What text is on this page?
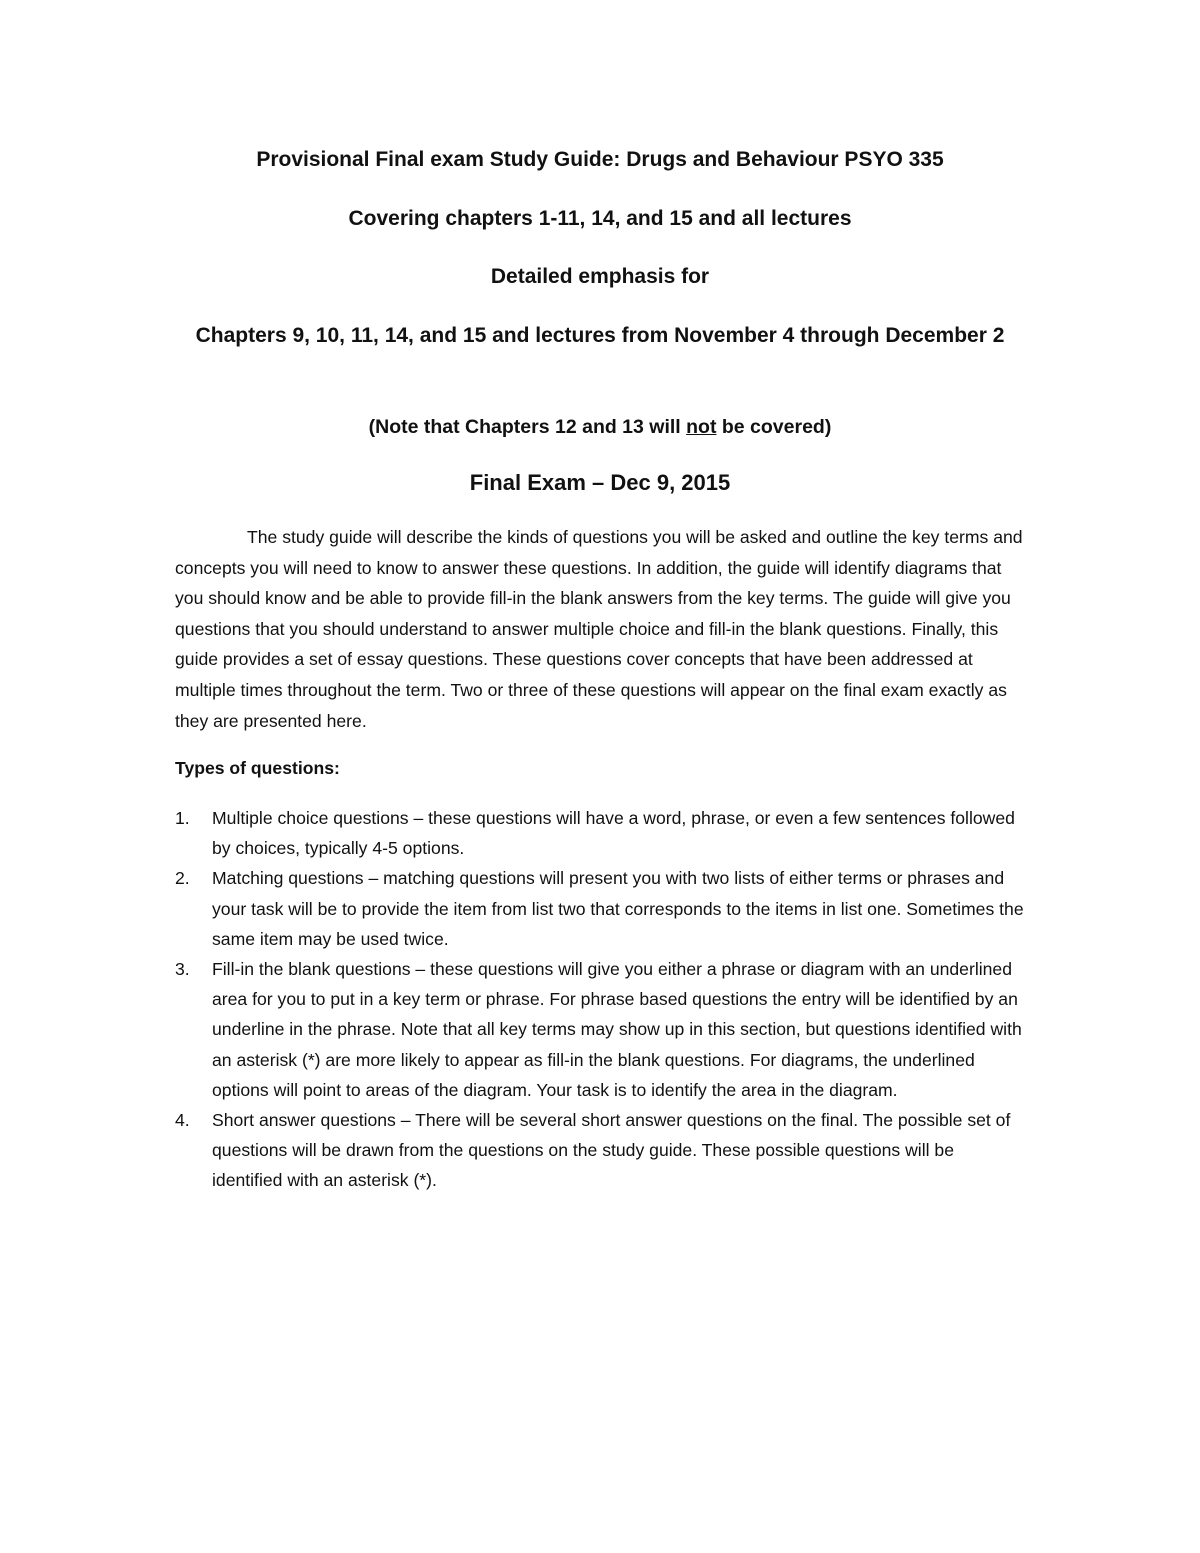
Provisional Final exam Study Guide: Drugs and Behaviour PSYO 335
Covering chapters 1-11, 14, and 15 and all lectures
Detailed emphasis for
Chapters 9, 10, 11, 14, and 15 and lectures from November 4 through December 2
(Note that Chapters 12 and 13 will not be covered)
Final Exam – Dec 9, 2015

The study guide will describe the kinds of questions you will be asked and outline the key terms and concepts you will need to know to answer these questions. In addition, the guide will identify diagrams that you should know and be able to provide fill-in the blank answers from the key terms. The guide will give you questions that you should understand to answer multiple choice and fill-in the blank questions. Finally, this guide provides a set of essay questions. These questions cover concepts that have been addressed at multiple times throughout the term. Two or three of these questions will appear on the final exam exactly as they are presented here.

Types of questions:

1. Multiple choice questions – these questions will have a word, phrase, or even a few sentences followed by choices, typically 4-5 options.
2. Matching questions – matching questions will present you with two lists of either terms or phrases and your task will be to provide the item from list two that corresponds to the items in list one. Sometimes the same item may be used twice.
3. Fill-in the blank questions – these questions will give you either a phrase or diagram with an underlined area for you to put in a key term or phrase. For phrase based questions the entry will be identified by an underline in the phrase. Note that all key terms may show up in this section, but questions identified with an asterisk (*) are more likely to appear as fill-in the blank questions. For diagrams, the underlined options will point to areas of the diagram. Your task is to identify the area in the diagram.
4. Short answer questions – There will be several short answer questions on the final. The possible set of questions will be drawn from the questions on the study guide. These possible questions will be identified with an asterisk (*).
